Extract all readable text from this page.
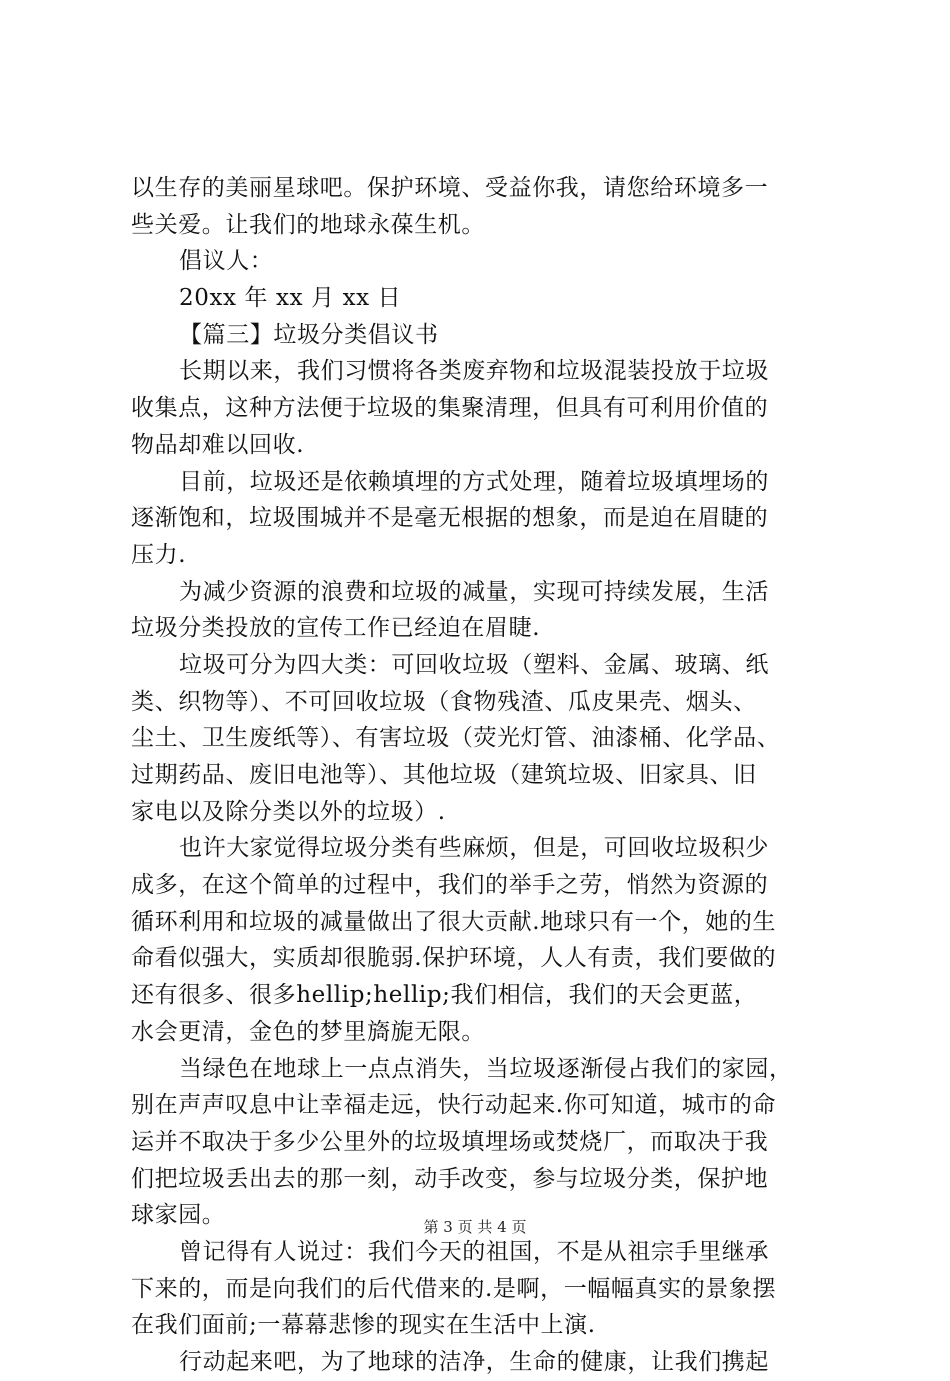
以生存的美丽星球吧。保护环境、受益你我，请您给环境多一
些关爱。让我们的地球永葆生机。
倡议人：
20xx 年 xx 月 xx 日
【篇三】垃圾分类倡议书
长期以来，我们习惯将各类废弃物和垃圾混装投放于垃圾
收集点，这种方法便于垃圾的集聚清理，但具有可利用价值的
物品却难以回收.
目前，垃圾还是依赖填埋的方式处理，随着垃圾填埋场的
逐渐饱和，垃圾围城并不是毫无根据的想象，而是迫在眉睫的
压力.
为减少资源的浪费和垃圾的减量，实现可持续发展，生活
垃圾分类投放的宣传工作已经迫在眉睫.
垃圾可分为四大类：可回收垃圾（塑料、金属、玻璃、纸
类、织物等）、不可回收垃圾（食物残渣、瓜皮果壳、烟头、
尘土、卫生废纸等）、有害垃圾（荧光灯管、油漆桶、化学品、
过期药品、废旧电池等）、其他垃圾（建筑垃圾、旧家具、旧
家电以及除分类以外的垃圾）.
也许大家觉得垃圾分类有些麻烦，但是，可回收垃圾积少
成多，在这个简单的过程中，我们的举手之劳，悄然为资源的
循环利用和垃圾的减量做出了很大贡献.地球只有一个，她的生
命看似强大，实质却很脆弱.保护环境，人人有责，我们要做的
还有很多、很多hellip;hellip;我们相信，我们的天会更蓝，
水会更清，金色的梦里旖旎无限。
当绿色在地球上一点点消失，当垃圾逐渐侵占我们的家园，
别在声声叹息中让幸福走远，快行动起来.你可知道，城市的命
运并不取决于多少公里外的垃圾填埋场或焚烧厂，而取决于我
们把垃圾丢出去的那一刻，动手改变，参与垃圾分类，保护地
球家园。
曾记得有人说过：我们今天的祖国，不是从祖宗手里继承
下来的，而是向我们的后代借来的.是啊，一幅幅真实的景象摆
在我们面前;一幕幕悲惨的现实在生活中上演.
行动起来吧，为了地球的洁净，生命的健康，让我们携起
第 3 页 共 4 页
